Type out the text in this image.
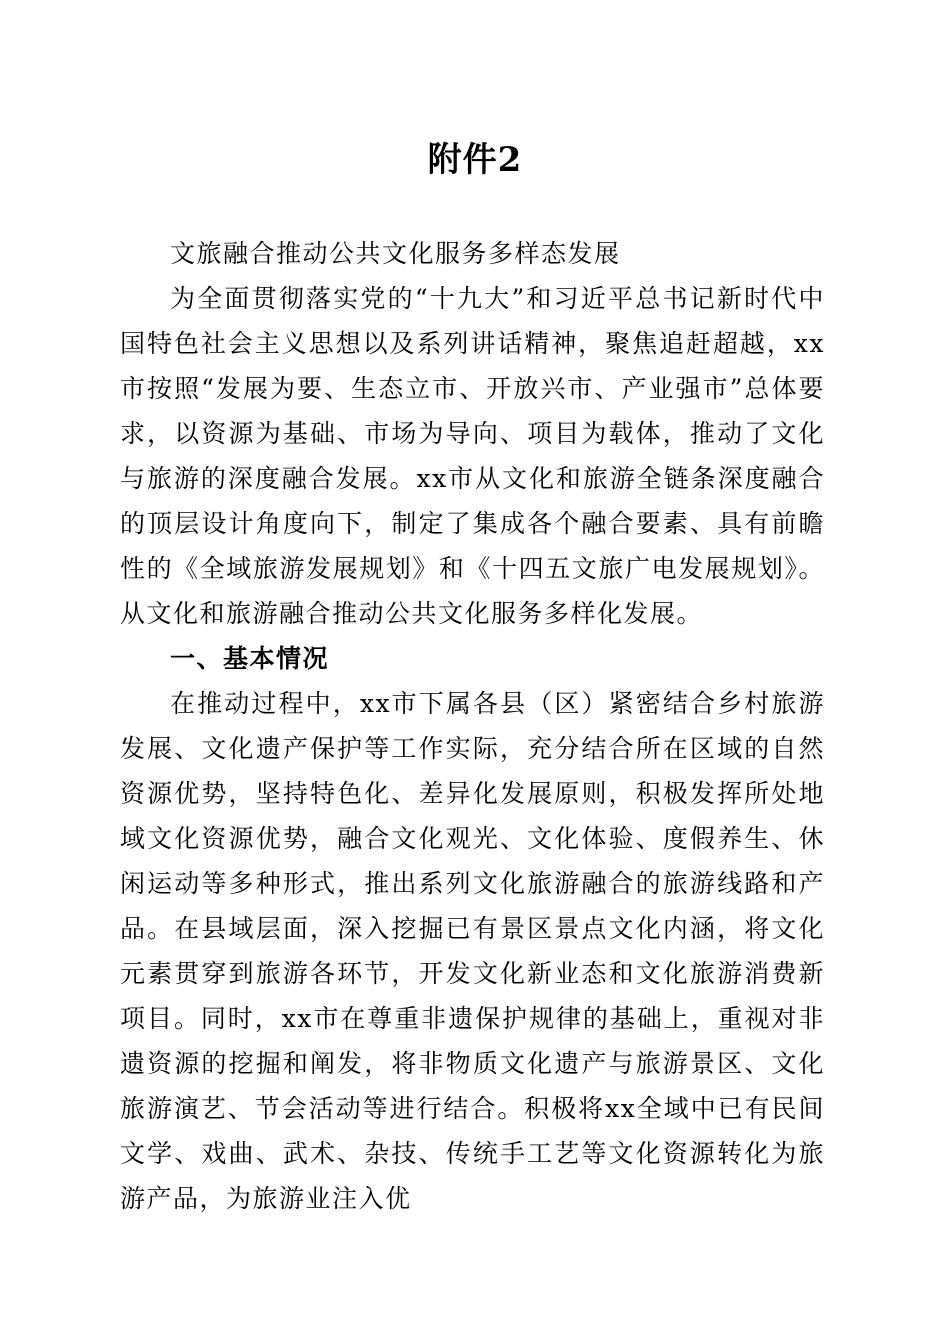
附件2

文旅融合推动公共文化服务多样态发展

为全面贯彻落实党的“十九大”和习近平总书记新时代中国特色社会主义思想以及系列讲话精神，聚焦追赶超越，xx市按照“发展为要、生态立市、开放兴市、产业强市”总体要求，以资源为基础、市场为导向、项目为载体，推动了文化与旅游的深度融合发展。xx市从文化和旅游全链条深度融合的顶层设计角度向下，制定了集成各个融合要素、具有前瞻性的《全域旅游发展规划》和《十四五文旅广电发展规划》。从文化和旅游融合推动公共文化服务多样化发展。

一、基本情况

在推动过程中，xx市下属各县（区）紧密结合乡村旅游发展、文化遗产保护等工作实际，充分结合所在区域的自然资源优势，坚持特色化、差异化发展原则，积极发挥所处地域文化资源优势，融合文化观光、文化体验、度假养生、休闲运动等多种形式，推出系列文化旅游融合的旅游线路和产品。在县域层面，深入挖掘已有景区景点文化内涵，将文化元素贯穿到旅游各环节，开发文化新业态和文化旅游消费新项目。同时，xx市在尊重非遗保护规律的基础上，重视对非遗资源的挖掘和阐发，将非物质文化遗产与旅游景区、文化旅游演艺、节会活动等进行结合。积极将xx全域中已有民间文学、戏曲、武术、杂技、传统手工艺等文化资源转化为旅游产品，为旅游业注入优
